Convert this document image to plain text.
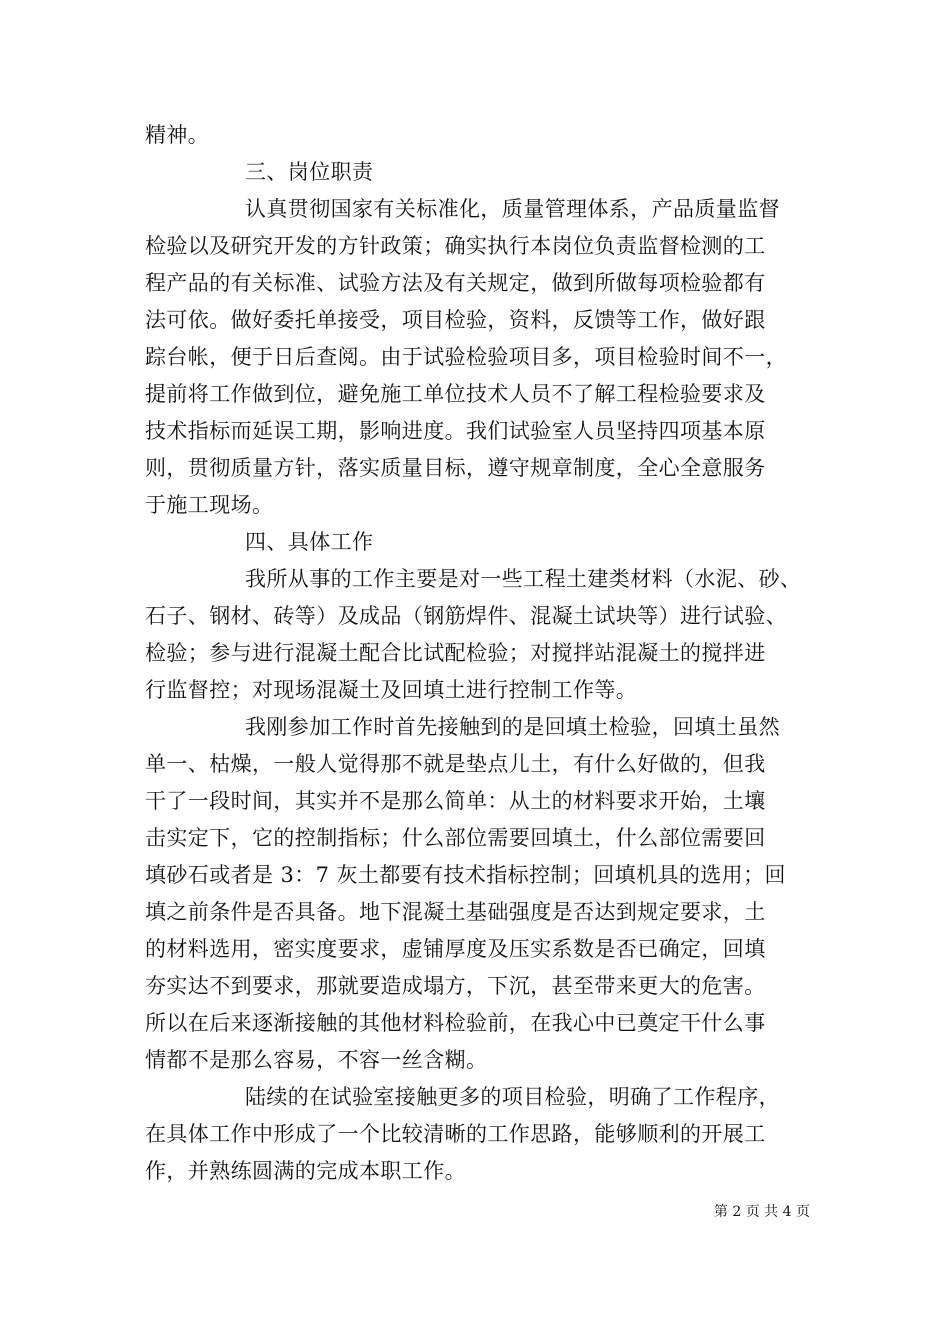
精神。
三、岗位职责
认真贯彻国家有关标准化，质量管理体系，产品质量监督
检验以及研究开发的方针政策；确实执行本岗位负责监督检测的工
程产品的有关标准、试验方法及有关规定，做到所做每项检验都有
法可依。做好委托单接受，项目检验，资料，反馈等工作，做好跟
踪台帐，便于日后查阅。由于试验检验项目多，项目检验时间不一，
提前将工作做到位，避免施工单位技术人员不了解工程检验要求及
技术指标而延误工期，影响进度。我们试验室人员坚持四项基本原
则，贯彻质量方针，落实质量目标，遵守规章制度，全心全意服务
于施工现场。
四、具体工作
我所从事的工作主要是对一些工程土建类材料（水泥、砂、
石子、钢材、砖等）及成品（钢筋焊件、混凝土试块等）进行试验、
检验；参与进行混凝土配合比试配检验；对搅拌站混凝土的搅拌进
行监督控；对现场混凝土及回填土进行控制工作等。
我刚参加工作时首先接触到的是回填土检验，回填土虽然
单一、枯燥，一般人觉得那不就是垫点儿土，有什么好做的，但我
干了一段时间，其实并不是那么简单：从土的材料要求开始，土壤
击实定下，它的控制指标；什么部位需要回填土，什么部位需要回
填砂石或者是 3：7 灰土都要有技术指标控制；回填机具的选用；回
填之前条件是否具备。地下混凝土基础强度是否达到规定要求，土
的材料选用，密实度要求，虚铺厚度及压实系数是否已确定，回填
夯实达不到要求，那就要造成塌方，下沉，甚至带来更大的危害。
所以在后来逐渐接触的其他材料检验前，在我心中已奠定干什么事
情都不是那么容易，不容一丝含糊。
陆续的在试验室接触更多的项目检验，明确了工作程序，
在具体工作中形成了一个比较清晰的工作思路，能够顺利的开展工
作，并熟练圆满的完成本职工作。
第 2 页 共 4 页
